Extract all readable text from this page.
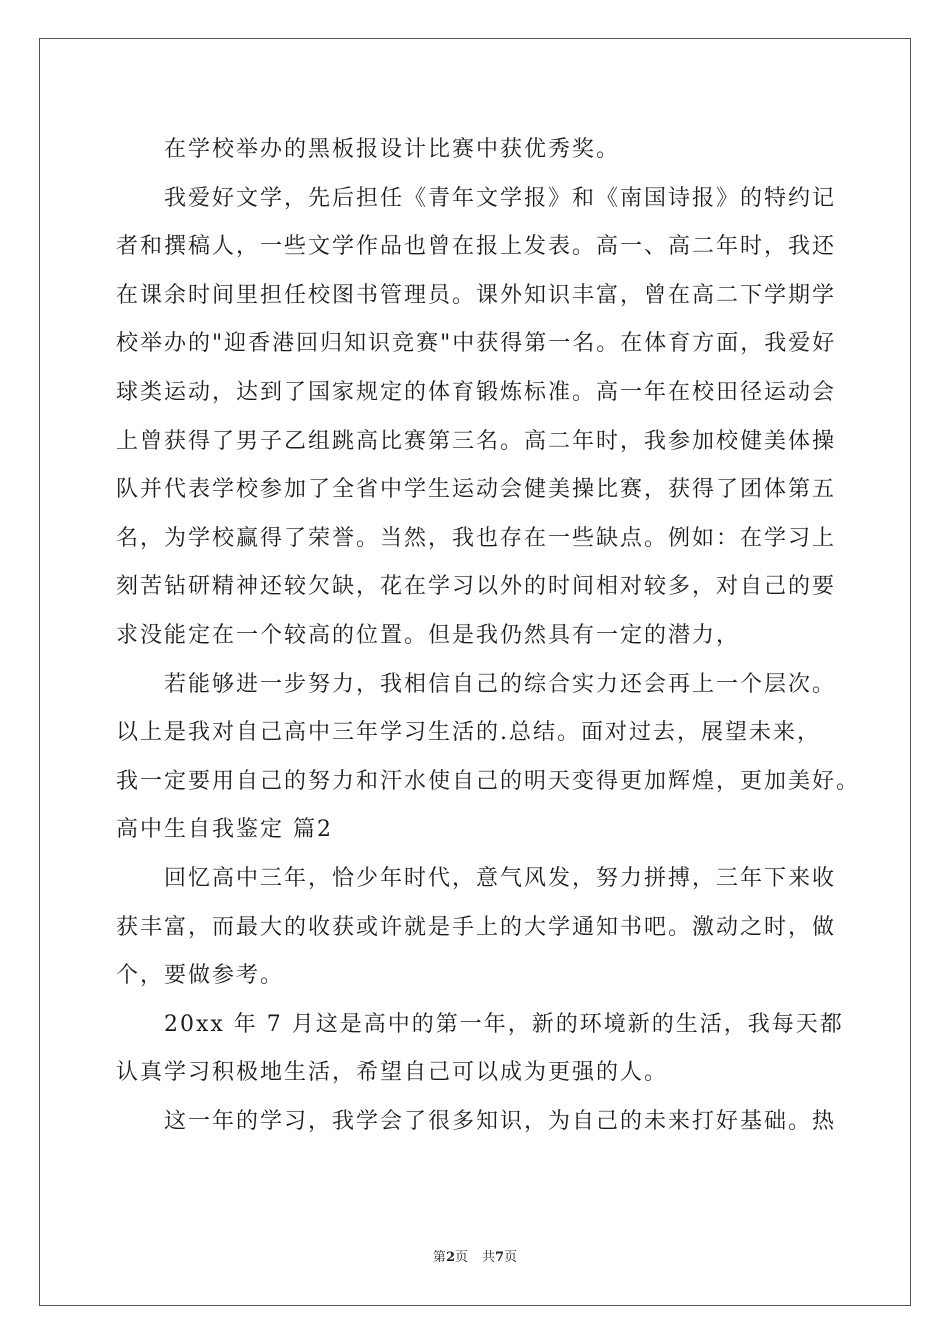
在学校举办的黑板报设计比赛中获优秀奖。
我爱好文学，先后担任《青年文学报》和《南国诗报》的特约记
者和撰稿人，一些文学作品也曾在报上发表。高一、高二年时，我还
在课余时间里担任校图书管理员。课外知识丰富，曾在高二下学期学
校举办的"迎香港回归知识竞赛"中获得第一名。在体育方面，我爱好
球类运动，达到了国家规定的体育锻炼标准。高一年在校田径运动会
上曾获得了男子乙组跳高比赛第三名。高二年时，我参加校健美体操
队并代表学校参加了全省中学生运动会健美操比赛，获得了团体第五
名，为学校赢得了荣誉。当然，我也存在一些缺点。例如：在学习上
刻苦钻研精神还较欠缺，花在学习以外的时间相对较多，对自己的要
求没能定在一个较高的位置。但是我仍然具有一定的潜力，
若能够进一步努力，我相信自己的综合实力还会再上一个层次。
以上是我对自己高中三年学习生活的.总结。面对过去，展望未来，
我一定要用自己的努力和汗水使自己的明天变得更加辉煌，更加美好。
高中生自我鉴定 篇2
回忆高中三年，恰少年时代，意气风发，努力拼搏，三年下来收
获丰富，而最大的收获或许就是手上的大学通知书吧。激动之时，做
个，要做参考。
20xx 年 7 月这是高中的第一年，新的环境新的生活，我每天都
认真学习积极地生活，希望自己可以成为更强的人。
这一年的学习，我学会了很多知识，为自己的未来打好基础。热
第2页 共7页
